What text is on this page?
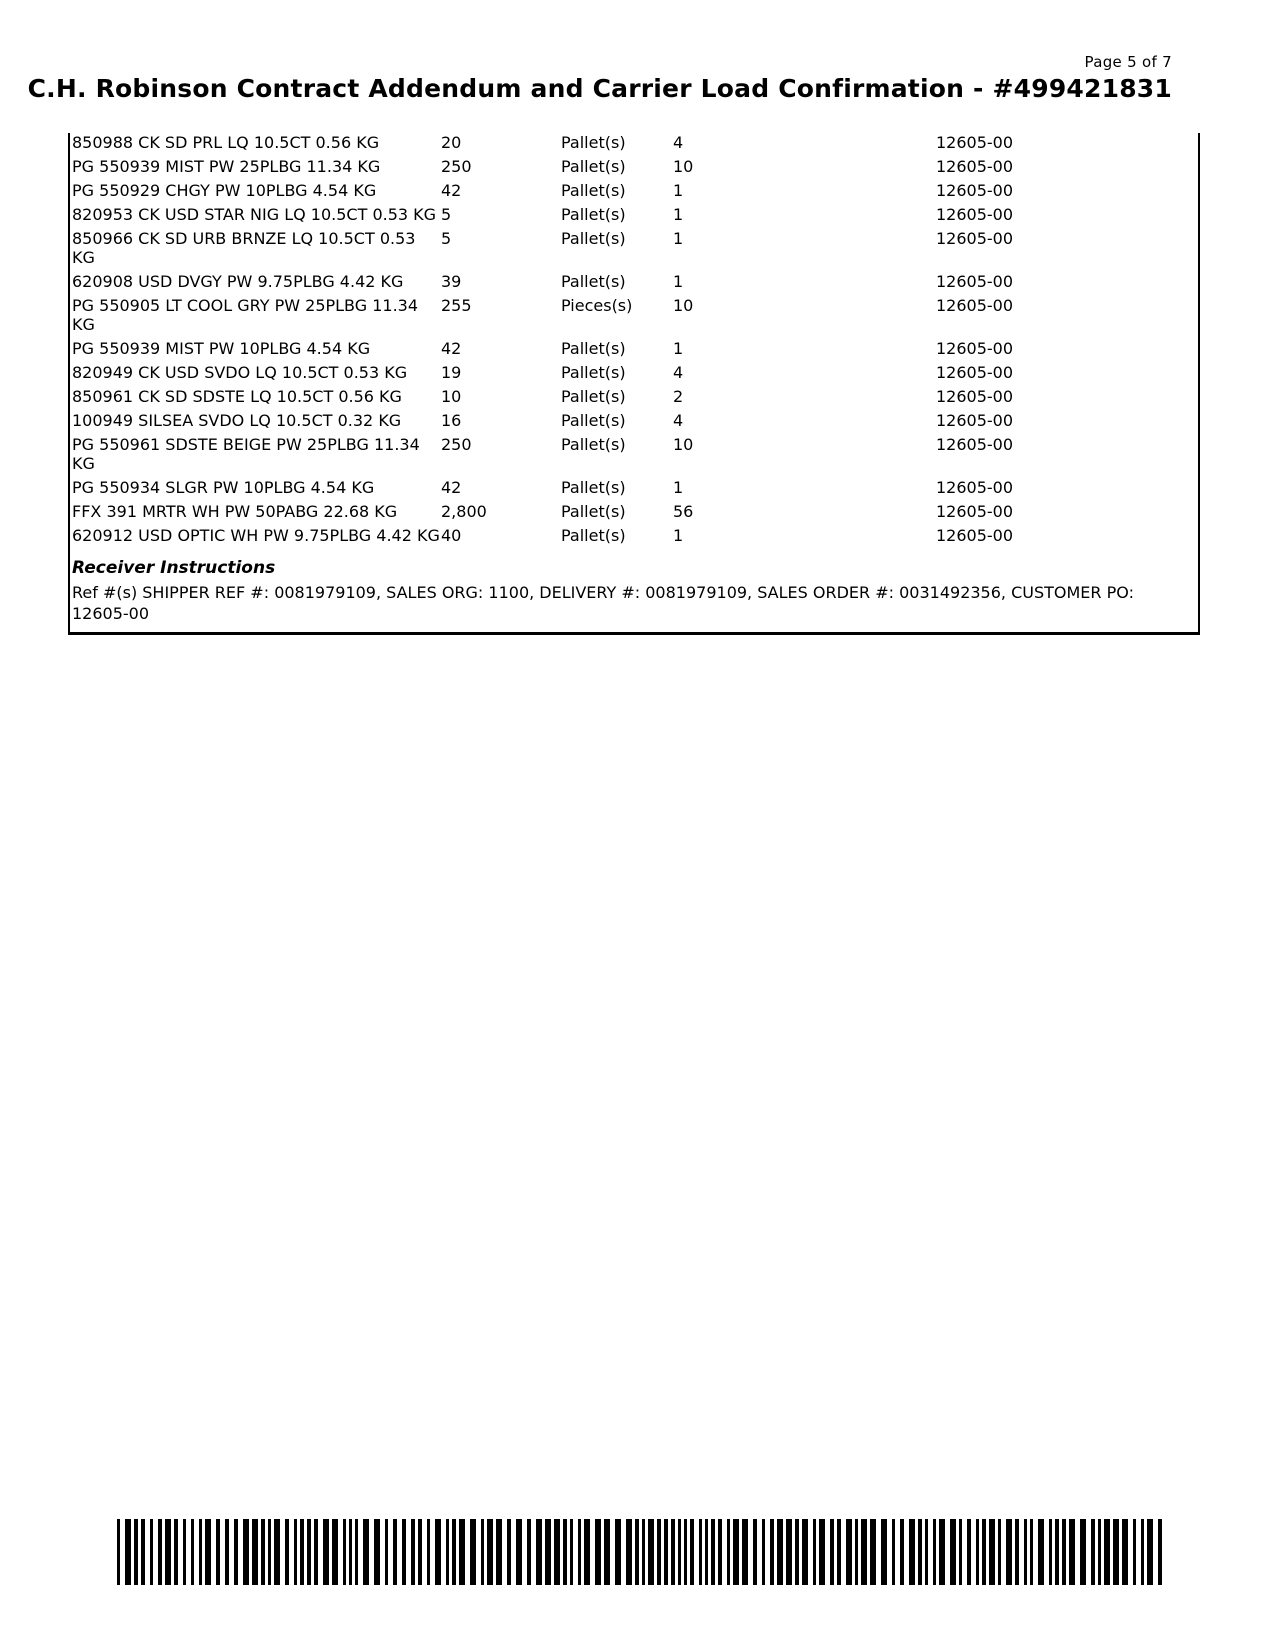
Page 5 of 7
C.H. Robinson Contract Addendum and Carrier Load Confirmation - #499421831
850988 CK SD PRL LQ 10.5CT 0.56 KG	20	Pallet(s)	4	12605-00
PG 550939 MIST PW 25PLBG 11.34 KG	250	Pallet(s)	10	12605-00
PG 550929 CHGY PW 10PLBG 4.54 KG	42	Pallet(s)	1	12605-00
820953 CK USD STAR NIG LQ 10.5CT 0.53 KG	5	Pallet(s)	1	12605-00
850966 CK SD URB BRNZE LQ 10.5CT 0.53 KG	5	Pallet(s)	1	12605-00
620908 USD DVGY PW 9.75PLBG 4.42 KG	39	Pallet(s)	1	12605-00
PG 550905 LT COOL GRY PW 25PLBG 11.34 KG	255	Pieces(s)	10	12605-00
PG 550939 MIST PW 10PLBG 4.54 KG	42	Pallet(s)	1	12605-00
820949 CK USD SVDO LQ 10.5CT 0.53 KG	19	Pallet(s)	4	12605-00
850961 CK SD SDSTE LQ 10.5CT 0.56 KG	10	Pallet(s)	2	12605-00
100949 SILSEA SVDO LQ 10.5CT 0.32 KG	16	Pallet(s)	4	12605-00
PG 550961 SDSTE BEIGE PW 25PLBG 11.34 KG	250	Pallet(s)	10	12605-00
PG 550934 SLGR PW 10PLBG 4.54 KG	42	Pallet(s)	1	12605-00
FFX 391 MRTR WH PW 50PABG 22.68 KG	2,800	Pallet(s)	56	12605-00
620912 USD OPTIC WH PW 9.75PLBG 4.42 KG	40	Pallet(s)	1	12605-00
Receiver Instructions
Ref #(s) SHIPPER REF #: 0081979109, SALES ORG: 1100, DELIVERY #: 0081979109, SALES ORDER #: 0031492356, CUSTOMER PO: 12605-00
